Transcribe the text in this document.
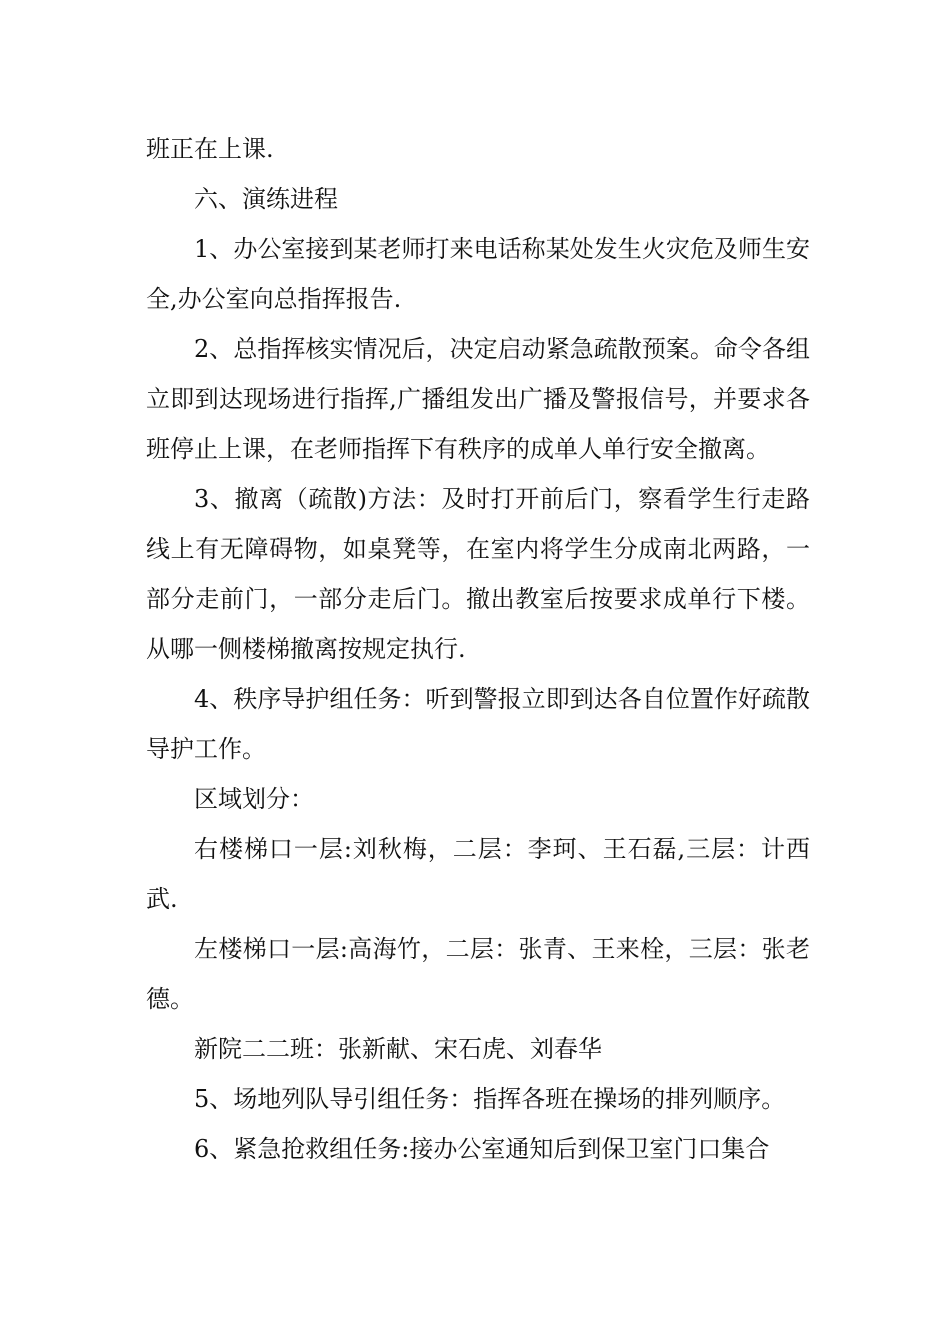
班正在上课.

六、演练进程

1、办公室接到某老师打来电话称某处发生火灾危及师生安全,办公室向总指挥报告.

2、总指挥核实情况后，决定启动紧急疏散预案。命令各组立即到达现场进行指挥,广播组发出广播及警报信号，并要求各班停止上课，在老师指挥下有秩序的成单人单行安全撤离。

3、撤离（疏散)方法：及时打开前后门，察看学生行走路线上有无障碍物，如桌凳等，在室内将学生分成南北两路，一部分走前门，一部分走后门。撤出教室后按要求成单行下楼。从哪一侧楼梯撤离按规定执行.

4、秩序导护组任务：听到警报立即到达各自位置作好疏散导护工作。

区域划分：

右楼梯口一层:刘秋梅，二层：李珂、王石磊,三层：计西武.

左楼梯口一层:高海竹，二层：张青、王来栓，三层：张老德。

新院二二班：张新献、宋石虎、刘春华

5、场地列队导引组任务：指挥各班在操场的排列顺序。

6、紧急抢救组任务:接办公室通知后到保卫室门口集合
